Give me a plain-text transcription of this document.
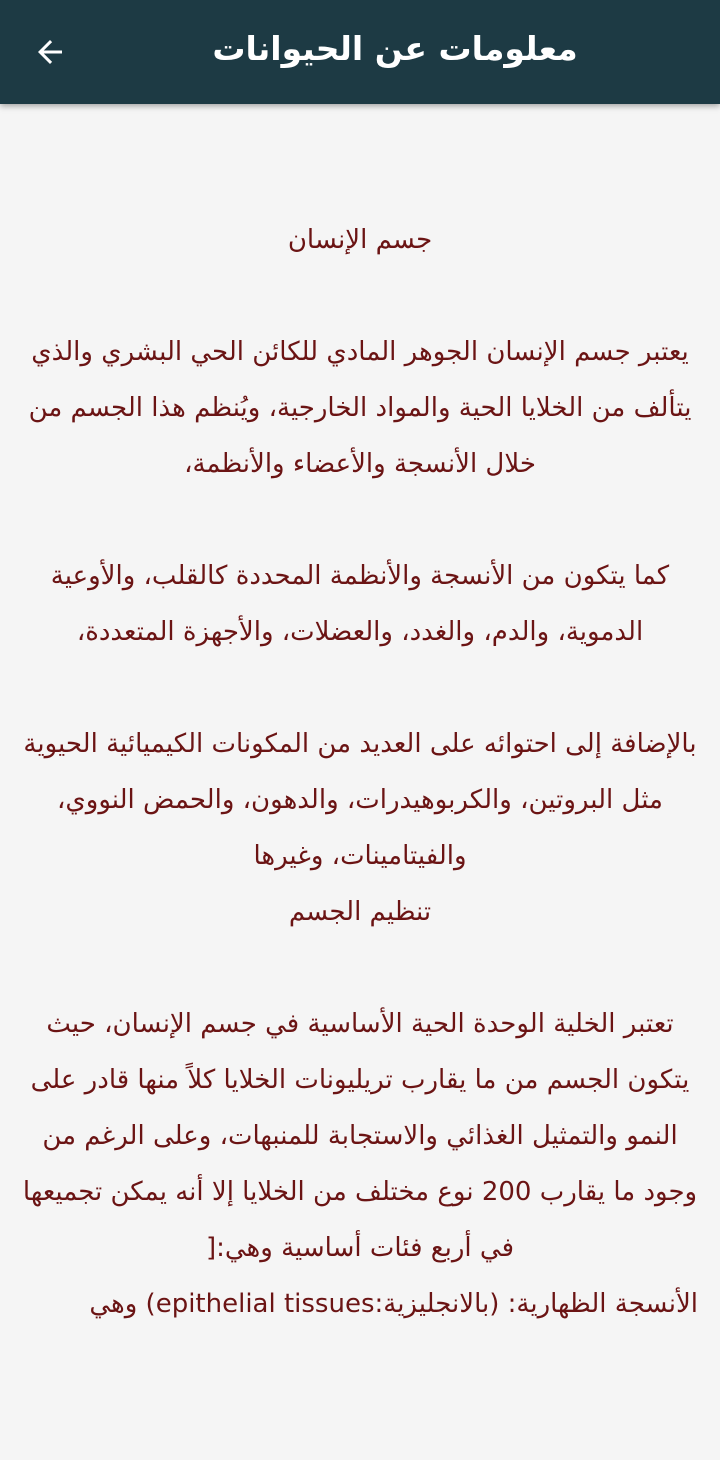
معلومات عن الحيوانات

جسم الإنسان

يعتبر جسم الإنسان الجوهر المادي للكائن الحي البشري والذي يتألف من الخلايا الحية والمواد الخارجية، ويُنظم هذا الجسم من خلال الأنسجة والأعضاء والأنظمة،

كما يتكون من الأنسجة والأنظمة المحددة كالقلب، والأوعية الدموية، والدم، والغدد، والعضلات، والأجهزة المتعددة،

بالإضافة إلى احتوائه على العديد من المكونات الكيميائية الحيوية مثل البروتين، والكربوهيدرات، والدهون، والحمض النووي، والفيتامينات، وغيرها

تنظيم الجسم

تعتبر الخلية الوحدة الحية الأساسية في جسم الإنسان، حيث يتكون الجسم من ما يقارب تريليونات الخلايا كلاً منها قادر على النمو والتمثيل الغذائي والاستجابة للمنبهات، وعلى الرغم من وجود ما يقارب 200 نوع مختلف من الخلايا إلا أنه يمكن تجميعها في أربع فئات أساسية وهي:[

الأنسجة الظهارية: (بالانجليزية:epithelial tissues) وهي
